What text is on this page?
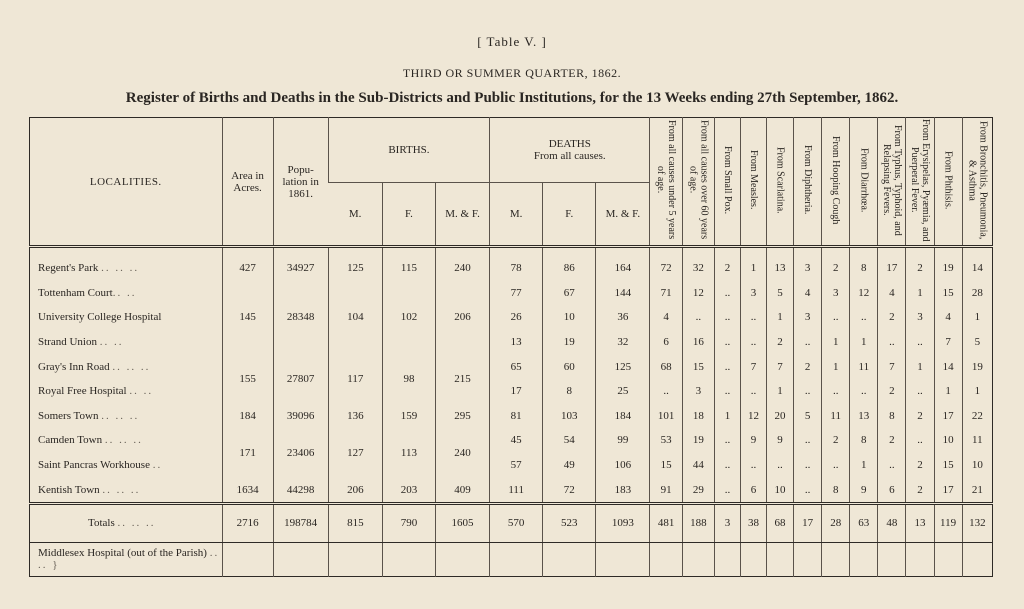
[ Table V. ]
THIRD OR SUMMER QUARTER, 1862.
Register of Births and Deaths in the Sub-Districts and Public Institutions, for the 13 Weeks ending 27th September, 1862.
LOCALITIES.	Area in Acres.	Popu- lation in 1861.	BIRTHS.			DEATHS
From all causes.			From all causes under 5 years of age.	From all causes over 60 years of age.	From Small Pox.	From Measles.	From Scarlatina.	From Diphtheria.	From Hooping Cough	From Diarrhœa.	From Typhus, Typhoid, and Relapsing Fevers.	From Erysipelas, Pyæmia, and Puerperal Fever.	From Phthisis.	From Bronchitis, Pneumonia, & Asthma
			M.	F.	M. & F.	M.	F.	M. & F.												
Regent's Park .. .. ..	427	34927	125	115	240	78	86	164	72	32	2	1	13	3	2	8	17	2	19	14
Tottenham Court.. ..	145	28348	104	102	206	77	67	144	71	12	..	3	5	4	3	12	4	1	15	28
University College Hospital						26	10	36	4	..	..	..	1	3	..	..	2	3	4	1
Strand Union .. ..						13	19	32	6	16	..	..	2	..	1	1	..	..	7	5
Gray's Inn Road .. .. ..	155	27807	117	98	215	65	60	125	68	15	..	7	7	2	1	11	7	1	14	19
Royal Free Hospital .. ..						17	8	25	..	3	..	..	1	..	..	..	2	..	1	1
Somers Town .. .. ..	184	39096	136	159	295	81	103	184	101	18	1	12	20	5	11	13	8	2	17	22
Camden Town .. .. ..	171	23406	127	113	240	45	54	99	53	19	..	9	9	..	2	8	2	..	10	11
Saint Pancras Workhouse ..						57	49	106	15	44	..	..	..	..	..	1	..	2	15	10
Kentish Town .. .. ..	1634	44298	206	203	409	111	72	183	91	29	..	6	10	..	8	9	6	2	17	21
Totals .. .. ..	2716	198784	815	790	1605	570	523	1093	481	188	3	38	68	17	28	63	48	13	119	132
Middlesex Hospital (out of the Parish) .. .. }																				
